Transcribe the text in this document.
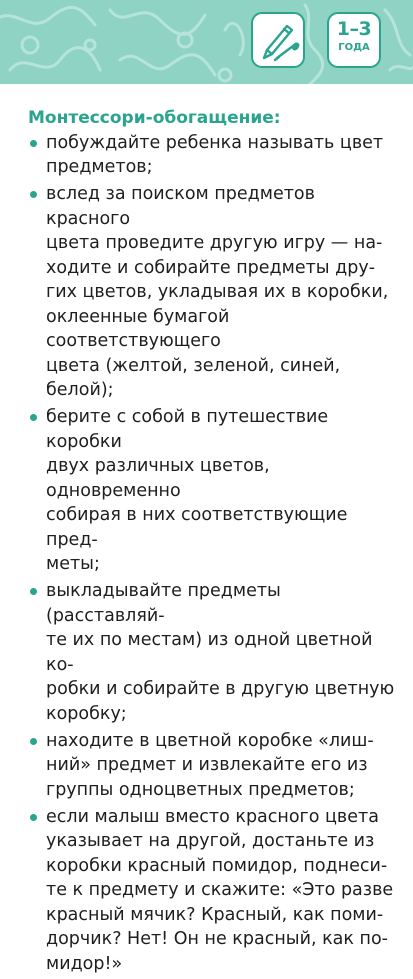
1–3
ГОДА
Монтессори-обогащение:
побуждайте ребенка называть цвет
предметов;
вслед за поиском предметов красного
цвета проведите другую игру — на-
ходите и собирайте предметы дру-
гих цветов, укладывая их в коробки,
оклеенные бумагой соответствующего
цвета (желтой, зеленой, синей, белой);
берите с собой в путешествие коробки
двух различных цветов, одновременно
собирая в них соответствующие пред-
меты;
выкладывайте предметы (расставляй-
те их по местам) из одной цветной ко-
робки и собирайте в другую цветную
коробку;
находите в цветной коробке «лиш-
ний» предмет и извлекайте его из
группы одноцветных предметов;
если малыш вместо красного цвета
указывает на другой, достаньте из
коробки красный помидор, поднеси-
те к предмету и скажите: «Это разве
красный мячик? Красный, как поми-
дорчик? Нет! Он не красный, как по-
мидор!»
